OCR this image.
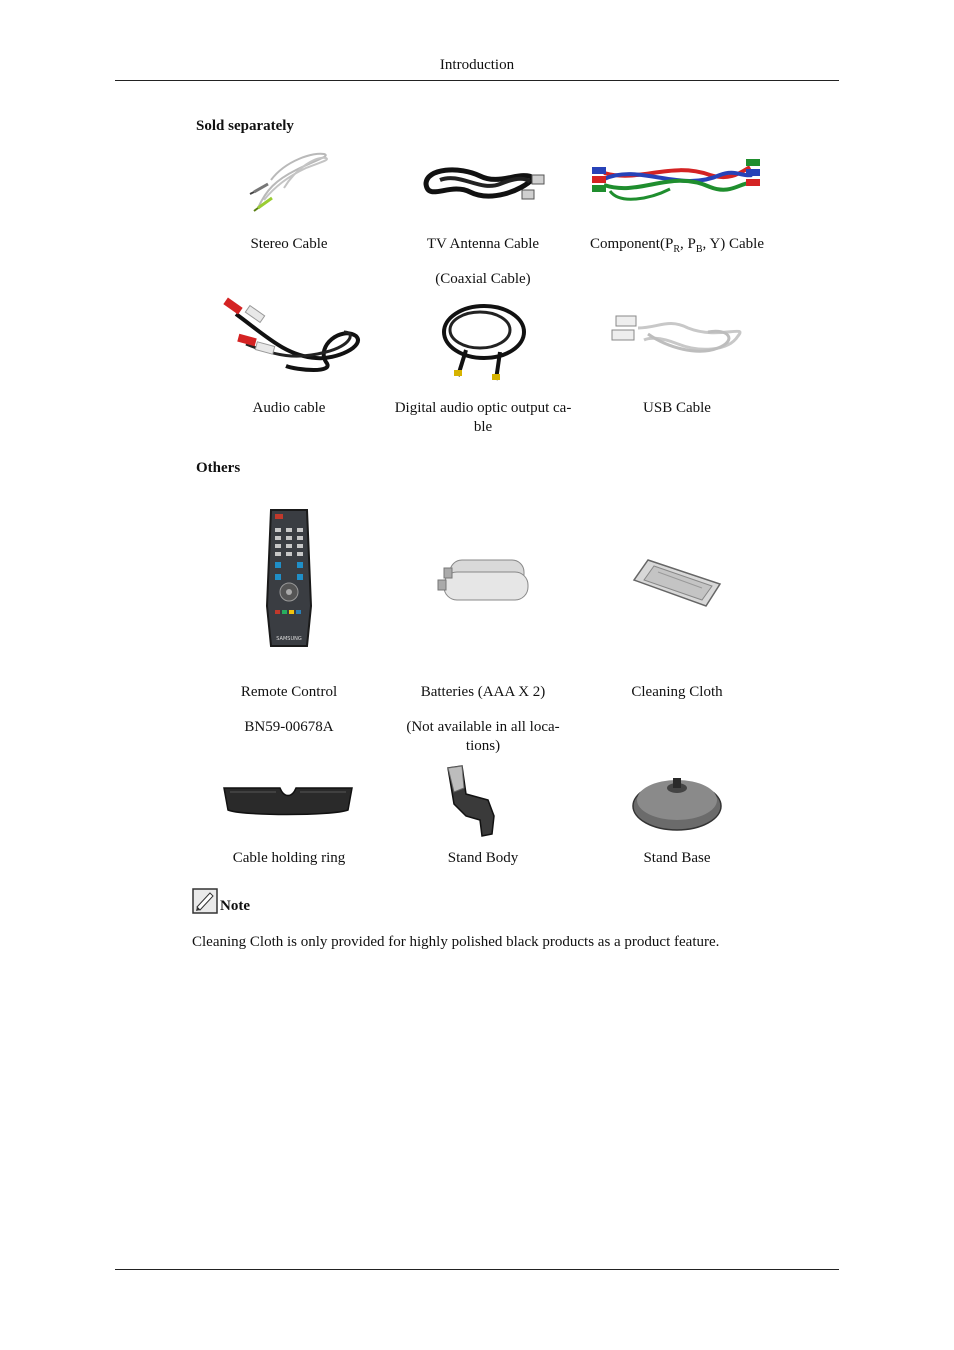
Introduction
Sold separately
Stereo Cable	TV Antenna Cable
(Coaxial Cable)
$Component(P_R$, $P_B$, Y) Cable
Audio cable	Digital audio optic output ca-
ble
USB Cable
Others
SAMSUNG
Remote Control
BN59-00678A
Batteries (AAA X 2)
(Not available in all loca-
tions)
Cleaning Cloth
Cable holding ring	Stand Body	Stand Base
Note
Cleaning Cloth is only provided for highly polished black products as a product feature.
